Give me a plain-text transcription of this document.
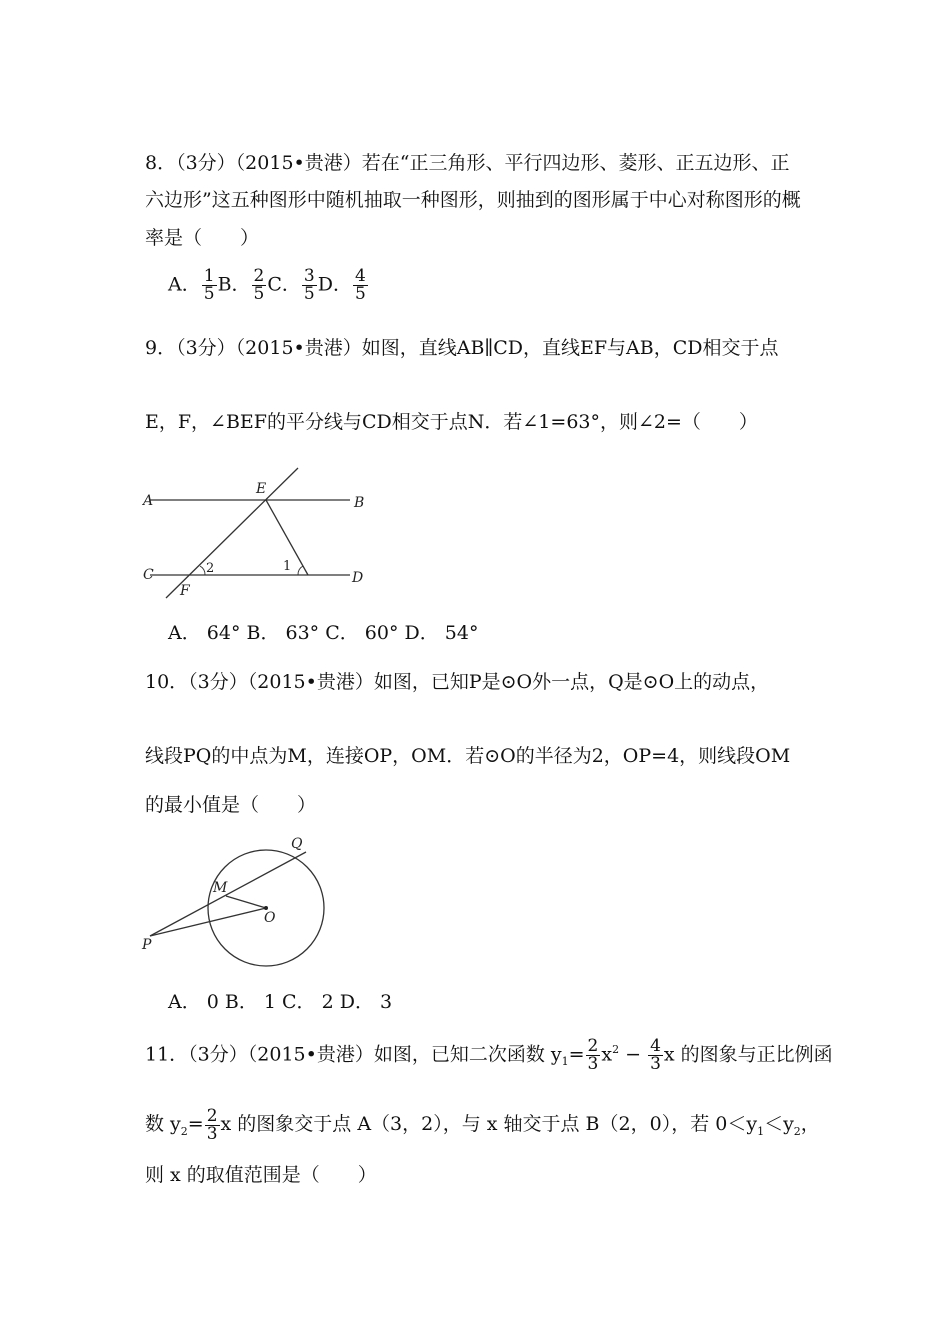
8．（3分）（2015•贵港）若在“正三角形、平行四边形、菱形、正五边形、正
六边形”这五种图形中随机抽取一种图形，则抽到的图形属于中心对称图形的概
率是（　　）
A． $\frac{1}{5}$ B． $\frac{2}{5}$ C． $\frac{3}{5}$ D． $\frac{4}{5}$
9．（3分）（2015•贵港）如图，直线AB∥CD，直线EF与AB，CD相交于点
E，F，∠BEF的平分线与CD相交于点N．若∠1=63°，则∠2=（　　）
A	B
C	D
E
F
1
2
A． 64° B． 63° C． 60° D． 54°
10．（3分）（2015•贵港）如图，已知P是⊙O外一点，Q是⊙O上的动点，
线段PQ的中点为M，连接OP，OM．若⊙O的半径为2，OP=4，则线段OM
的最小值是（　　）
Q
M
O
P
A． 0 B． 1 C． 2 D． 3
11．（3分）（2015•贵港）如图，已知二次函数 $y_1= \frac{2}{3} x^2 - \frac{4}{3}$ x 的图象与正比例函
数 $y_2= \frac{2}{3}$ x 的图象交于点 A（3，2），与 x 轴交于点 B（2，0），若 $0<y_1<y_2$，
则 x 的取值范围是（　　）
